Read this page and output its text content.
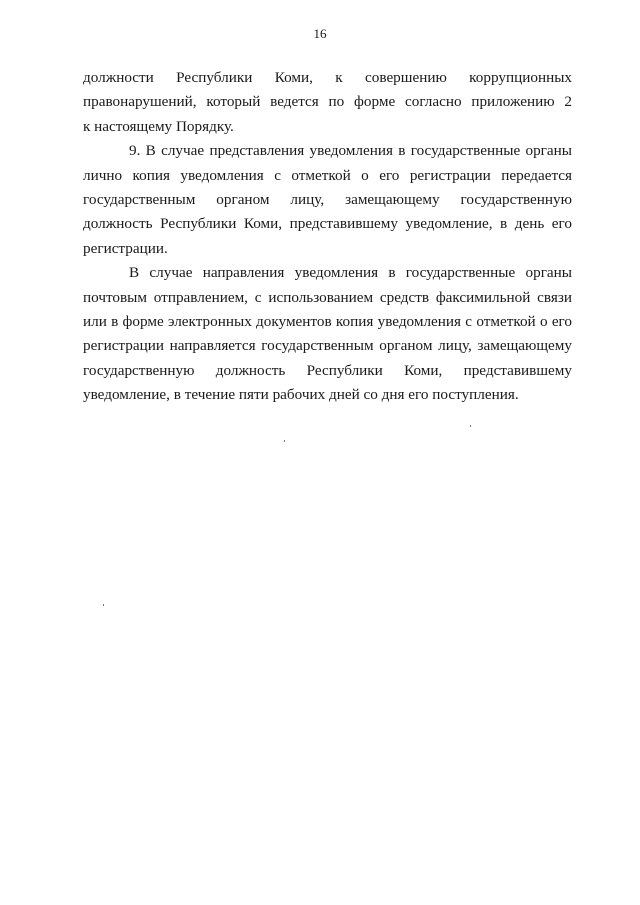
16

должности Республики Коми, к совершению коррупционных
правонарушений, который ведется по форме согласно приложению 2
к настоящему Порядку.

9. В случае представления уведомления в государственные органы
лично копия уведомления с отметкой о его регистрации передается
государственным органом лицу, замещающему государственную
должность Республики Коми, представившему уведомление, в день его
регистрации.

В случае направления уведомления в государственные органы
почтовым отправлением, с использованием средств факсимильной связи
или в форме электронных документов копия уведомления с отметкой о его
регистрации направляется государственным органом лицу, замещающему
государственную должность Республики Коми, представившему
уведомление, в течение пяти рабочих дней со дня его поступления.
